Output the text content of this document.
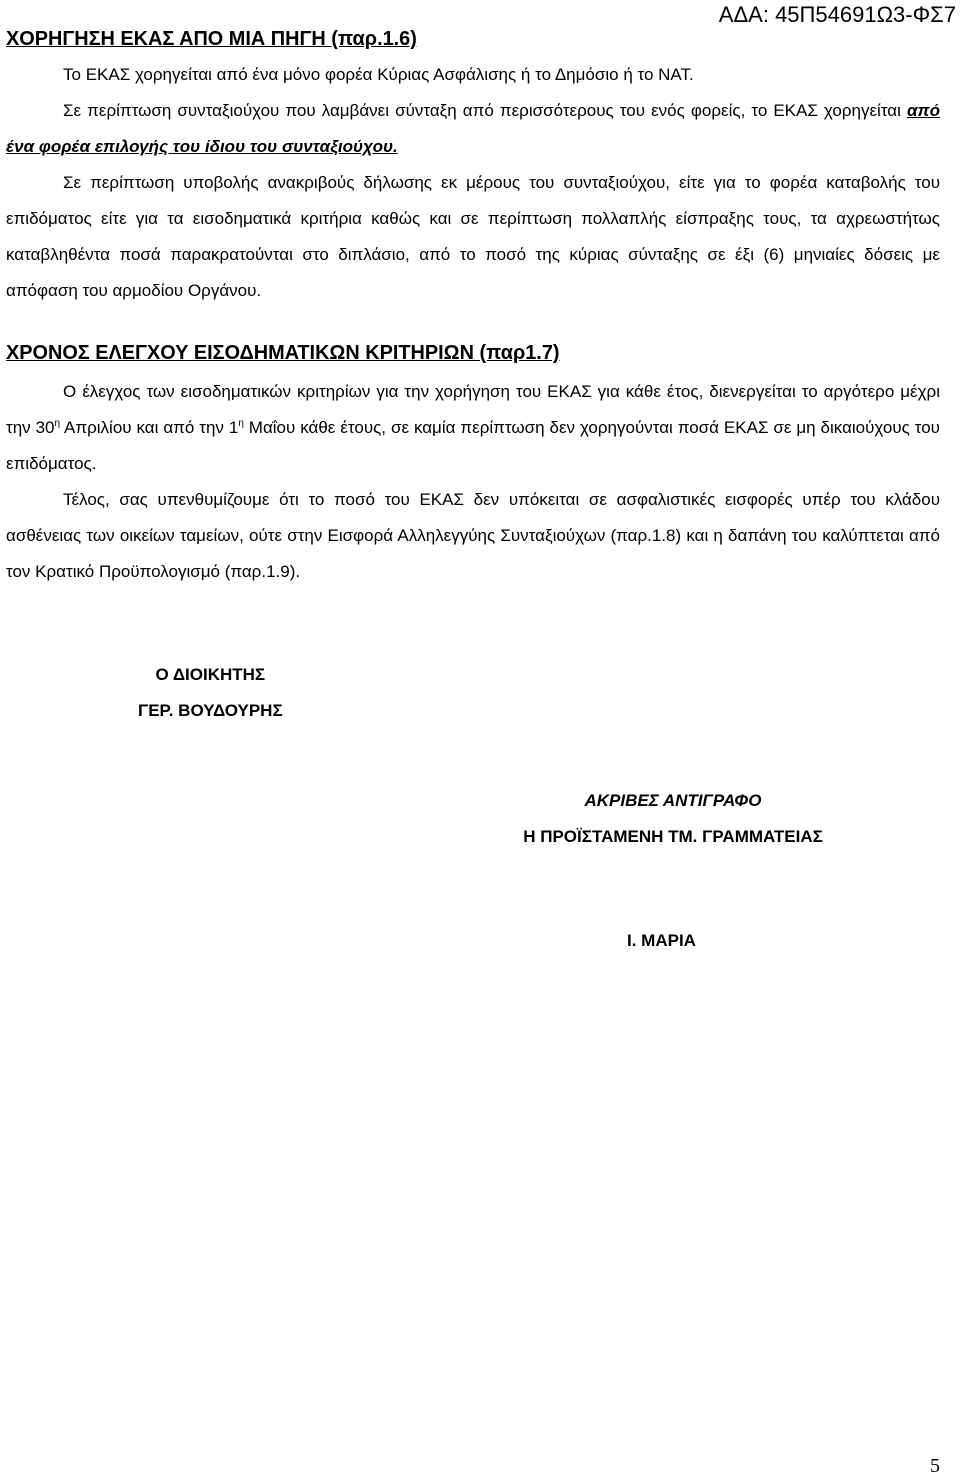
ΑΔΑ: 45Π54691Ω3-ΦΣ7
ΧΟΡΗΓΗΣΗ ΕΚΑΣ ΑΠΟ ΜΙΑ ΠΗΓΗ (παρ.1.6)

Το ΕΚΑΣ χορηγείται από ένα μόνο φορέα Κύριας Ασφάλισης ή το Δημόσιο ή το ΝΑΤ.

Σε περίπτωση συνταξιούχου που λαμβάνει σύνταξη από περισσότερους του ενός φορείς, το ΕΚΑΣ χορηγείται από ένα φορέα επιλογής του ίδιου του συνταξιούχου.

Σε περίπτωση υποβολής ανακριβούς δήλωσης εκ μέρους του συνταξιούχου, είτε για το φορέα καταβολής του επιδόματος είτε για τα εισοδηματικά κριτήρια καθώς και σε περίπτωση πολλαπλής είσπραξης τους, τα αχρεωστήτως καταβληθέντα ποσά παρακρατούνται στο διπλάσιο, από το ποσό της κύριας σύνταξης σε έξι (6) μηνιαίες δόσεις με απόφαση του αρμοδίου Οργάνου.

ΧΡΟΝΟΣ ΕΛΕΓΧΟΥ ΕΙΣΟΔΗΜΑΤΙΚΩΝ ΚΡΙΤΗΡΙΩΝ (παρ1.7)

Ο έλεγχος των εισοδηματικών κριτηρίων για την χορήγηση του ΕΚΑΣ για κάθε έτος, διενεργείται το αργότερο μέχρι την $30^\eta$ Απριλίου και από την $1^\eta$ Μαΐου κάθε έτους, σε καμία περίπτωση δεν χορηγούνται ποσά ΕΚΑΣ σε μη δικαιούχους του επιδόματος.

Τέλος, σας υπενθυμίζουμε ότι το ποσό του ΕΚΑΣ δεν υπόκειται σε ασφαλιστικές εισφορές υπέρ του κλάδου ασθένειας των οικείων ταμείων, ούτε στην Εισφορά Αλληλεγγύης Συνταξιούχων (παρ.1.8) και η δαπάνη του καλύπτεται από τον Κρατικό Προϋπολογισμό (παρ.1.9).

Ο ΔΙΟΙΚΗΤΗΣ
ΓΕΡ. ΒΟΥΔΟΥΡΗΣ
ΑΚΡΙΒΕΣ ΑΝΤΙΓΡΑΦΟ
Η ΠΡΟΪΣΤΑΜΕΝΗ ΤΜ. ΓΡΑΜΜΑΤΕΙΑΣ
Ι. ΜΑΡΙΑ
5
